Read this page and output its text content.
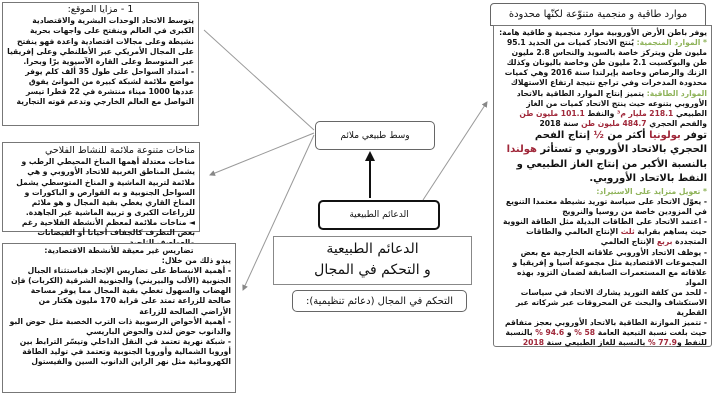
1 - مزايا الموقع:

يتوسط الاتحاد الوحدات البشرية والاقتصادية الكبرى في العالم وينفتح على واجهات بحرية نشيطة وعلى مجالات اقتصادية واعدة فهو ينفتح على المجال الأمريكي عبر الأطلنطي وعلى إفريقيا عبر المتوسط وعلى القارة الآسيوية برّا وبحرا.

- امتداد السواحل على طول 35 ألف كلم يوفر مواضع ملائمة لشبكة كبيرة من الموانئ يفوق عددها 1000 ميناء منتشرة في 22 قطرا تيسر التواصل مع العالم الخارجي وتدعم قوته التجارية

مناخات متنوعة ملائمة للنشاط الفلاحي

مناخات معتدلة أهمها المناخ المحيطي الرطب و يشمل المناطق الغربية للاتحاد الأوروبي و هي ملائمة لتربية الماشية و المناخ المتوسطي يشمل السواحل الجنوبية و به القوارص و الباكورات و المناخ القاري يغطي بقية المجال و هو ملائم للزراعات الكبرى و تربية الماشية غير الجاهدة.

◄ مناخات ملائمة لمعظم الأنشطة الفلاحية رغم بعض التطرف كالجفاف أحيانا أو الفيضانات

تضاريس غير معيقة للأنشطة الاقتصادية:

يبدو ذلك من خلال:

- أهمية الانبساط على تضاريس الإتحاد فباستثناء الجبال الجنوبية (الألب والبيريني) والجنوبية الشرقية (الكربات) فإن الهضاب والسهول تغطي بقية المجال مما يوفر مساحة صالحة للزراعة تمتد على قرابة 170 مليون هكتار من الأراضي الصالحة للزراعة

- أهمية الأحواض الرسوبية ذات الترب الخصبة مثل حوض البو والدانوب حوض لندن والحوض الباريسي

- شبكة نهرية تعتمد في النقل الداخلي وتيسّر الترابط بين أوروبا الشمالية وأوروبا الجنوبية وتعتمد في توليد الطاقة الكهرومائية مثل نهر الراين الدانوب السين والفيستول

وسط طبيعي ملائم
الدعائم الطبيعية
الدعائم الطبيعية
و التحكم في المجال
التحكم في المجال (دعائم تنظيمية):
موارد طاقية و منجمية متنوّعة لكنّها محدودة

يوفر باطن الأرض الأوروبية موارد منجمية و طاقية هامة:

* الموارد المنجمية: يُنتج الاتحاد كميات من الحديد 95.1 مليون طن ويتركز خاصة بالسويد والنحاس 2.8 مليون طن والبوكسيت 2.1 مليون طن وخاصة باليونان وكذلك الزنك والرصاص وخاصة بإيرلندا سنة 2016 وهي كميات محدودة المدخرات وفي تراجع نتيجة ارتفاع الاستهلاك

الموارد الطاقية: يتميز إنتاج الموارد الطاقية بالاتحاد الأوروبي بتنوعه حيث ينتج الاتحاد كميات من الغاز الطبيعي 218.1 مليار م³ والنفط 101.1 مليون طن والفحم الحجري 484.7 مليون طن سنة 2018

توفر بولونيا أكثر من ½ إنتاج الفحم الحجري بالاتحاد الأوروبي و تستأثر هولندا بالنسبة الأكبر من إنتاج الغاز الطبيعي و النفط بالاتحاد الأوروبي.

* تعويل متزايد على الاستيراد:

- يعوّل الاتحاد على سياسة توريد نشيطة معتمدا التنويع في المزودين خاصة من روسيا والنرويج

- اعتمد الاتحاد على الطاقات البديلة مثل الطاقة النووية حيث يساهم بقرابة ثلث الإنتاج العالمي والطاقات المتجددة بربع الإنتاج العالمي

- يوظف الاتحاد الأوروبي علاقاته الخارجية مع بعض المجموعات الاقتصادية مثل مجموعة آسيا و إفريقيا و علاقاته مع المستعمرات السابقة لضمان التزود بهذه المواد

- للحد من كلفة التوريد يشارك الاتحاد في سياسات الاستكشاف والبحث عن المحروقات عبر شركاته عبر القطرية

- تتميز الموازنة الطاقية بالاتحاد الأوروبي بعجز متفاقم حيث بلغت نسبة التبعية العامة 58 % و 94.6 % بالنسبة للنفط و77.9 % بالنسبة للغاز الطبيعي سنة 2018
